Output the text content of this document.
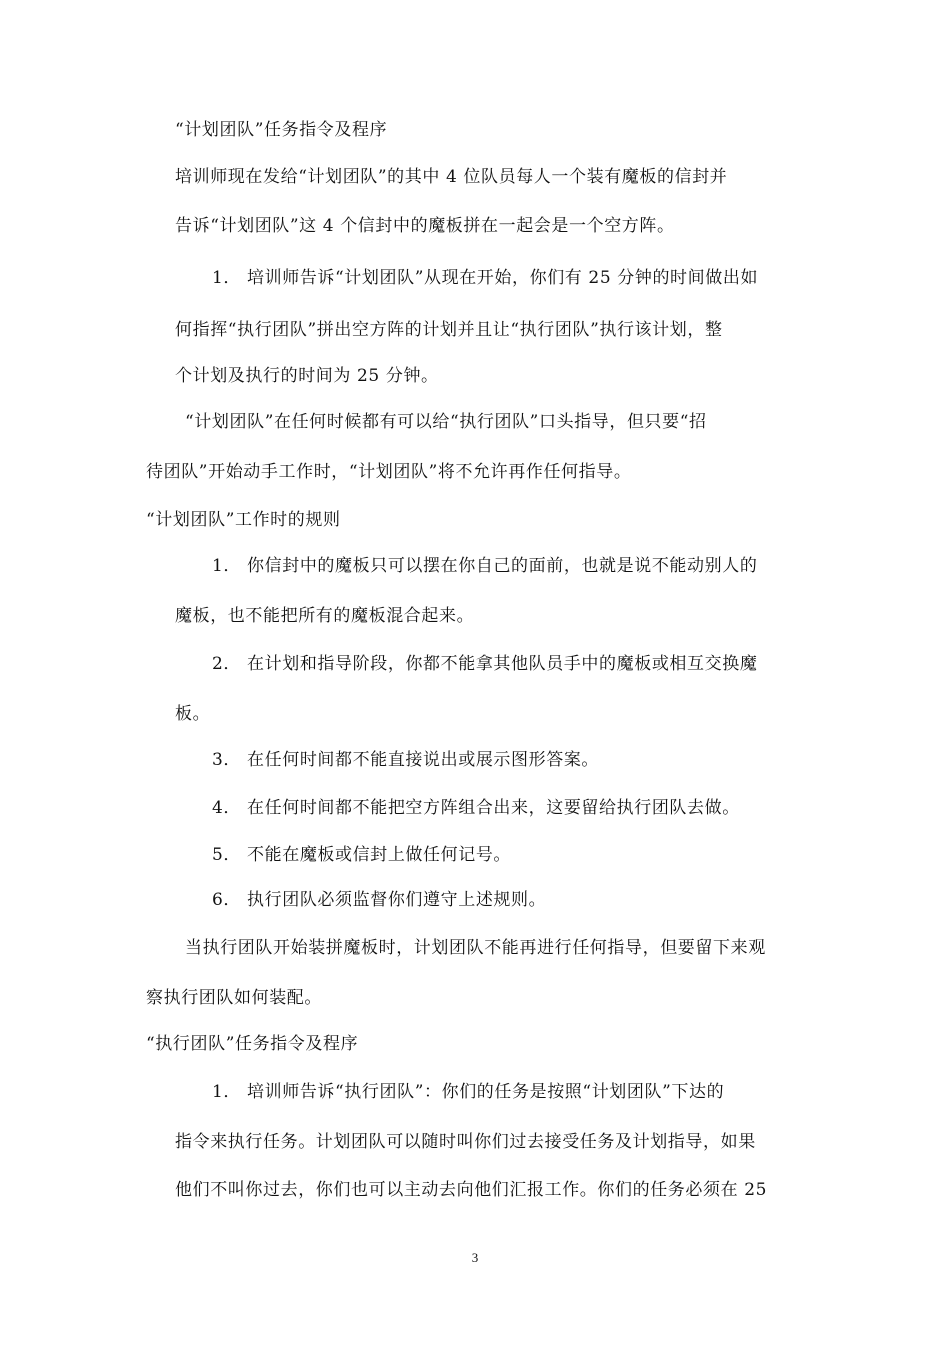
“计划团队”任务指令及程序
培训师现在发给“计划团队”的其中 4 位队员每人一个装有魔板的信封并
告诉“计划团队”这 4 个信封中的魔板拼在一起会是一个空方阵。
1． 培训师告诉“计划团队”从现在开始，你们有 25 分钟的时间做出如
何指挥“执行团队”拼出空方阵的计划并且让“执行团队”执行该计划，整
个计划及执行的时间为 25 分钟。
“计划团队”在任何时候都有可以给“执行团队”口头指导，但只要“招
待团队”开始动手工作时，“计划团队”将不允许再作任何指导。
“计划团队”工作时的规则
1． 你信封中的魔板只可以摆在你自己的面前，也就是说不能动别人的
魔板，也不能把所有的魔板混合起来。
2． 在计划和指导阶段，你都不能拿其他队员手中的魔板或相互交换魔
板。
3． 在任何时间都不能直接说出或展示图形答案。
4． 在任何时间都不能把空方阵组合出来，这要留给执行团队去做。
5． 不能在魔板或信封上做任何记号。
6． 执行团队必须监督你们遵守上述规则。
当执行团队开始装拼魔板时，计划团队不能再进行任何指导，但要留下来观
察执行团队如何装配。
“执行团队”任务指令及程序
1． 培训师告诉“执行团队”：你们的任务是按照“计划团队”下达的
指令来执行任务。计划团队可以随时叫你们过去接受任务及计划指导，如果
他们不叫你过去，你们也可以主动去向他们汇报工作。你们的任务必须在 25
3
